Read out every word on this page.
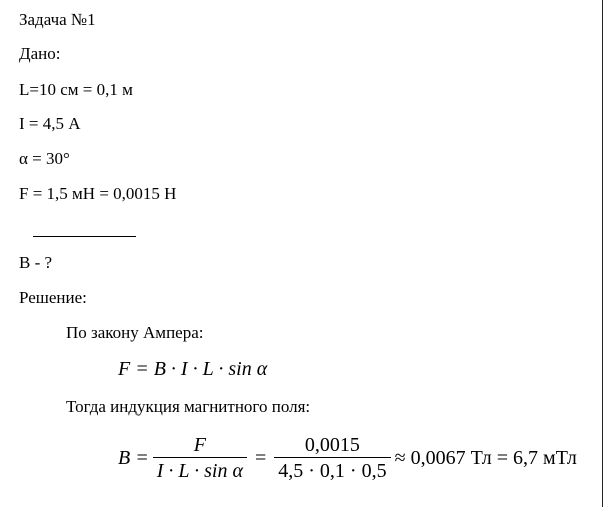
Задача №1
Дано:
L=10 см = 0,1 м
I = 4,5 А
α = 30°
F = 1,5 мН = 0,0015 Н
В - ?
Решение:
По закону Ампера:
F = B · I · L · sin α
Тогда индукция магнитного поля:
$B = \frac{F}{\text{I · L · sin α}} = \frac{0,0015}{4,5 \cdot 0,1 \cdot 0,5} \approx 0,0067$ Тл = 6,7 мТл
